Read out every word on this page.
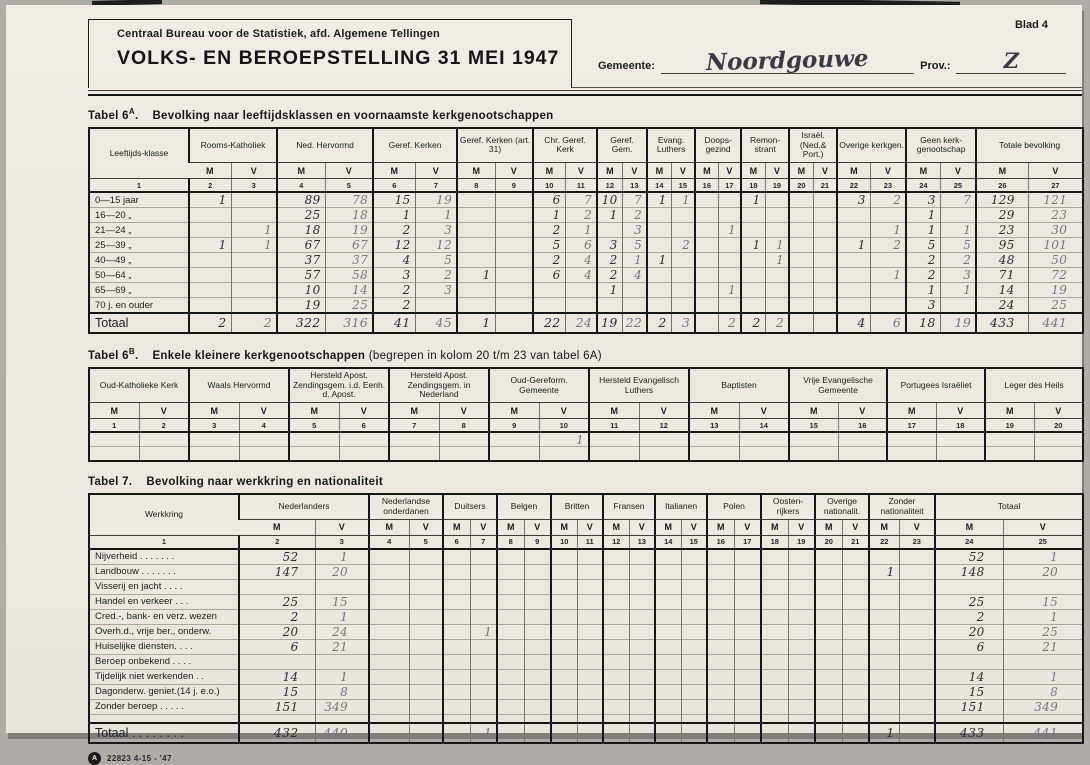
Centraal Bureau voor de Statistiek, afd. Algemene Tellingen
VOLKS- EN BEROEPSTELLING 31 MEI 1947
Blad 4
Gemeente:	Noordgouwe	Prov.:	Z
Tabel $6^A$. Bevolking naar leeftijdsklassen en voornaamste kerkgenootschappen
Leeftijds-klasse	Rooms-Katholiek		Ned. Hervormd		Geref. Kerken		Geref. Kerken (art. 31)		Chr. Geref. Kerk		Geref. Gem.		Evang. Luthers		Doops-gezind		Remon-strant		Israël. (Ned.& Port.)		Overige kerkgen.		Geen kerk-genootschap		Totale bevolking	
	M	V	M	V	M	V	M	V	M	V	M	V	M	V	M	V	M	V	M	V	M	V	M	V	M	V
1	2	3	4	5	6	7	8	9	10	11	12	13	14	15	16	17	18	19	20	21	22	23	24	25	26	27
0—15 jaar	1		89	78	15	19			6	7	10	7	1	1			1				3	2	3	7	129	121
16—20 „			25	18	1	1			1	2	1	2											1		29	23
21—24 „		1	18	19	2	3			2	1		3				1						1	1	1	23	30
25—39 „	1	1	67	67	12	12			5	6	3	5		2			1	1			1	2	5	5	95	101
40—49 „			37	37	4	5			2	4	2	1	1					1					2	2	48	50
50—64 „			57	58	3	2	1		6	4	2	4										1	2	3	71	72
65—69 „			10	14	2	3					1					1							1	1	14	19
70 j. en ouder			19	25	2																		3		24	25
Totaal	2	2	322	316	41	45	1		22	24	19	22	2	3		2	2	2			4	6	18	19	433	441
Tabel $6^B$. Enkele kleinere kerkgenootschappen (begrepen in kolom 20 t/m 23 van tabel 6A)
Oud-Katholieke Kerk		Waals Hervormd		Hersteld Apost. Zendingsgem. i.d. Eenh. d. Apost.		Hersteld Apost. Zendingsgem. in Nederland		Oud-Gereform. Gemeente		Hersteld Evangelisch Luthers		Baptisten		Vrije Evangelische Gemeente		Portugees Israëliet		Leger des Heils	
M	V	M	V	M	V	M	V	M	V	M	V	M	V	M	V	M	V	M	V
1	2	3	4	5	6	7	8	9	10	11	12	13	14	15	16	17	18	19	20
									1										

Tabel 7. Bevolking naar werkkring en nationaliteit
Werkkring	Nederlanders		Nederlandse onderdanen		Duitsers		Belgen		Britten		Fransen		Italianen		Polen		Oosten-rijkers		Overige nationalit.		Zonder nationaliteit		Totaal	
	M	V	M	V	M	V	M	V	M	V	M	V	M	V	M	V	M	V	M	V	M	V	M	V
1	2	3	4	5	6	7	8	9	10	11	12	13	14	15	16	17	18	19	20	21	22	23	24	25
Nijverheid . . . . . . .	52	1																					52	1
Landbouw . . . . . . .	147	20																			1		148	20
Visserij en jacht . . . .																								
Handel en verkeer . . .	25	15																					25	15
Cred.-, bank- en verz. wezen	2	1																					2	1
Overh.d., vrije ber., onderw.	20	24				1																	20	25
Huiselijke diensten. . . .	6	21																					6	21
Beroep onbekend . . . .																								
Tijdelijk niet werkenden . .	14	1																					14	1
Dagonderw. geniet.(14 j. e.o.)	15	8																					15	8
Zonder beroep . . . . .	151	349																					151	349

Totaal . . . . . . . .	432	440				1															1		433	441
A	22823 4-15 - '47
